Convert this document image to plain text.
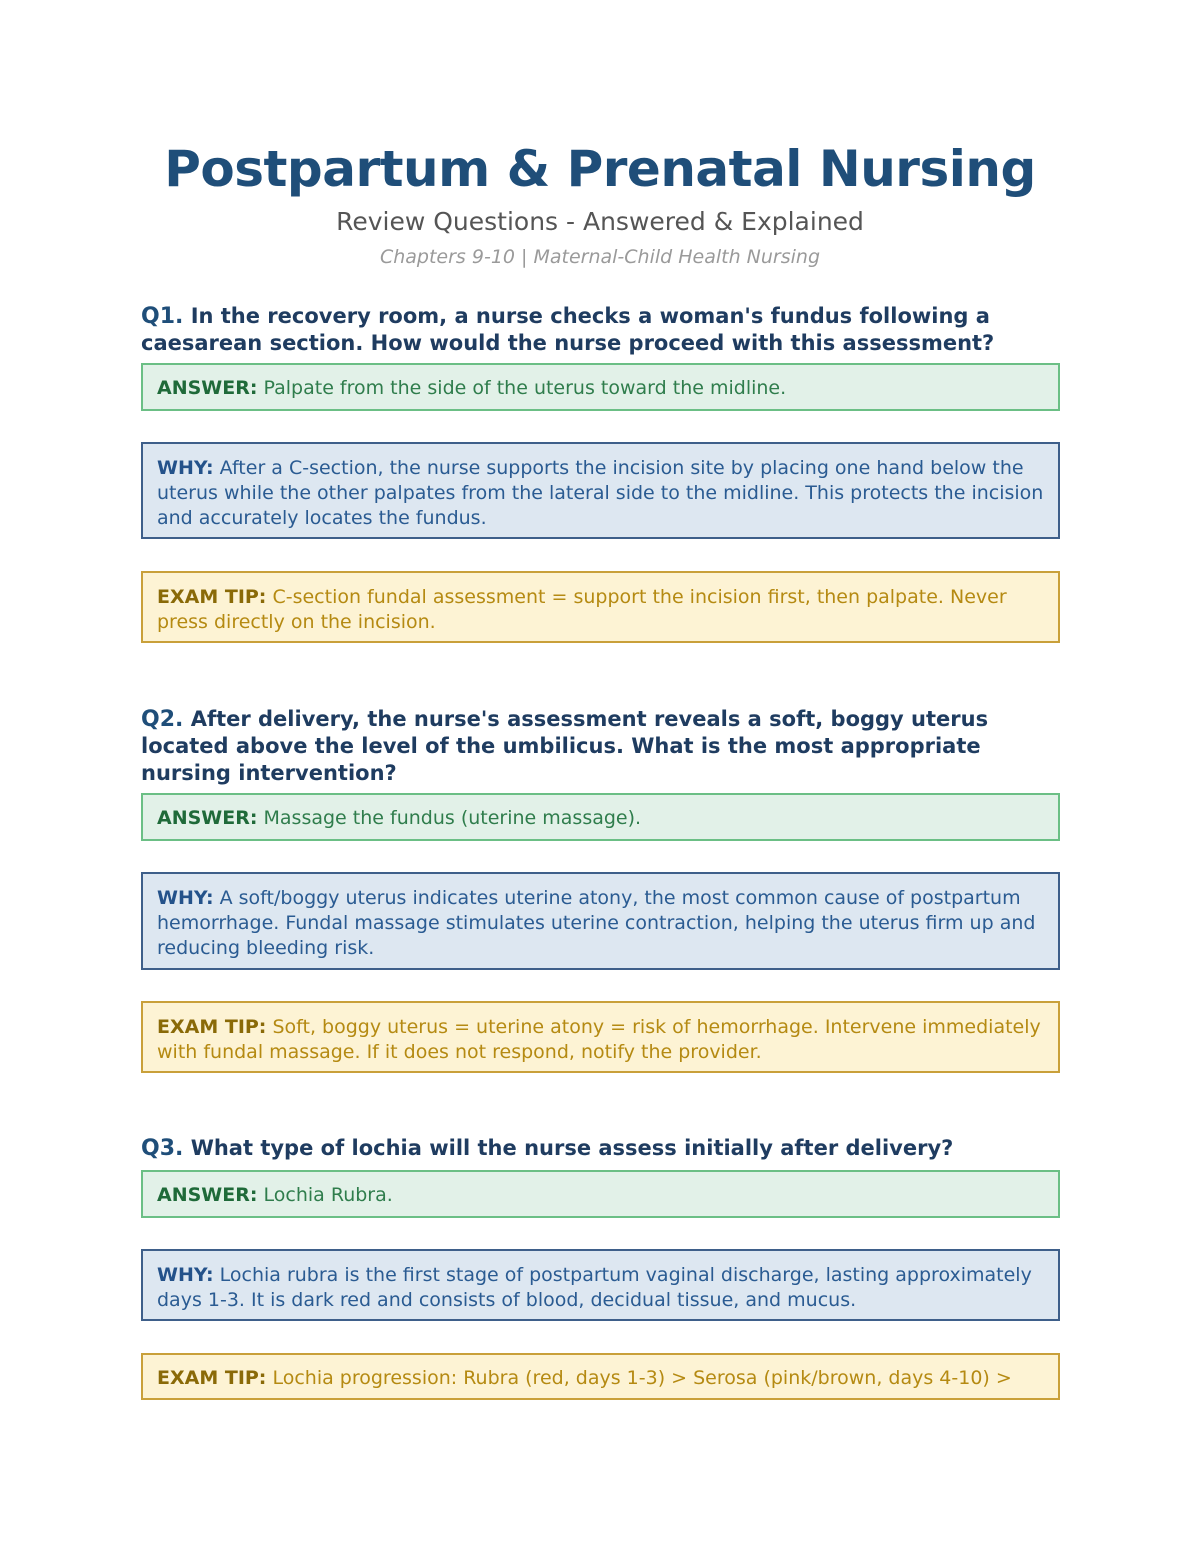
Postpartum & Prenatal Nursing
Review Questions - Answered & Explained
Chapters 9-10 | Maternal-Child Health Nursing
Q1. In the recovery room, a nurse checks a woman's fundus following a caesarean section. How would the nurse proceed with this assessment?
ANSWER: Palpate from the side of the uterus toward the midline.
WHY: After a C-section, the nurse supports the incision site by placing one hand below the uterus while the other palpates from the lateral side to the midline. This protects the incision and accurately locates the fundus.
EXAM TIP: C-section fundal assessment = support the incision first, then palpate. Never press directly on the incision.
Q2. After delivery, the nurse's assessment reveals a soft, boggy uterus located above the level of the umbilicus. What is the most appropriate nursing intervention?
ANSWER: Massage the fundus (uterine massage).
WHY: A soft/boggy uterus indicates uterine atony, the most common cause of postpartum hemorrhage. Fundal massage stimulates uterine contraction, helping the uterus firm up and reducing bleeding risk.
EXAM TIP: Soft, boggy uterus = uterine atony = risk of hemorrhage. Intervene immediately with fundal massage. If it does not respond, notify the provider.
Q3. What type of lochia will the nurse assess initially after delivery?
ANSWER: Lochia Rubra.
WHY: Lochia rubra is the first stage of postpartum vaginal discharge, lasting approximately days 1-3. It is dark red and consists of blood, decidual tissue, and mucus.
EXAM TIP: Lochia progression: Rubra (red, days 1-3) > Serosa (pink/brown, days 4-10) >
